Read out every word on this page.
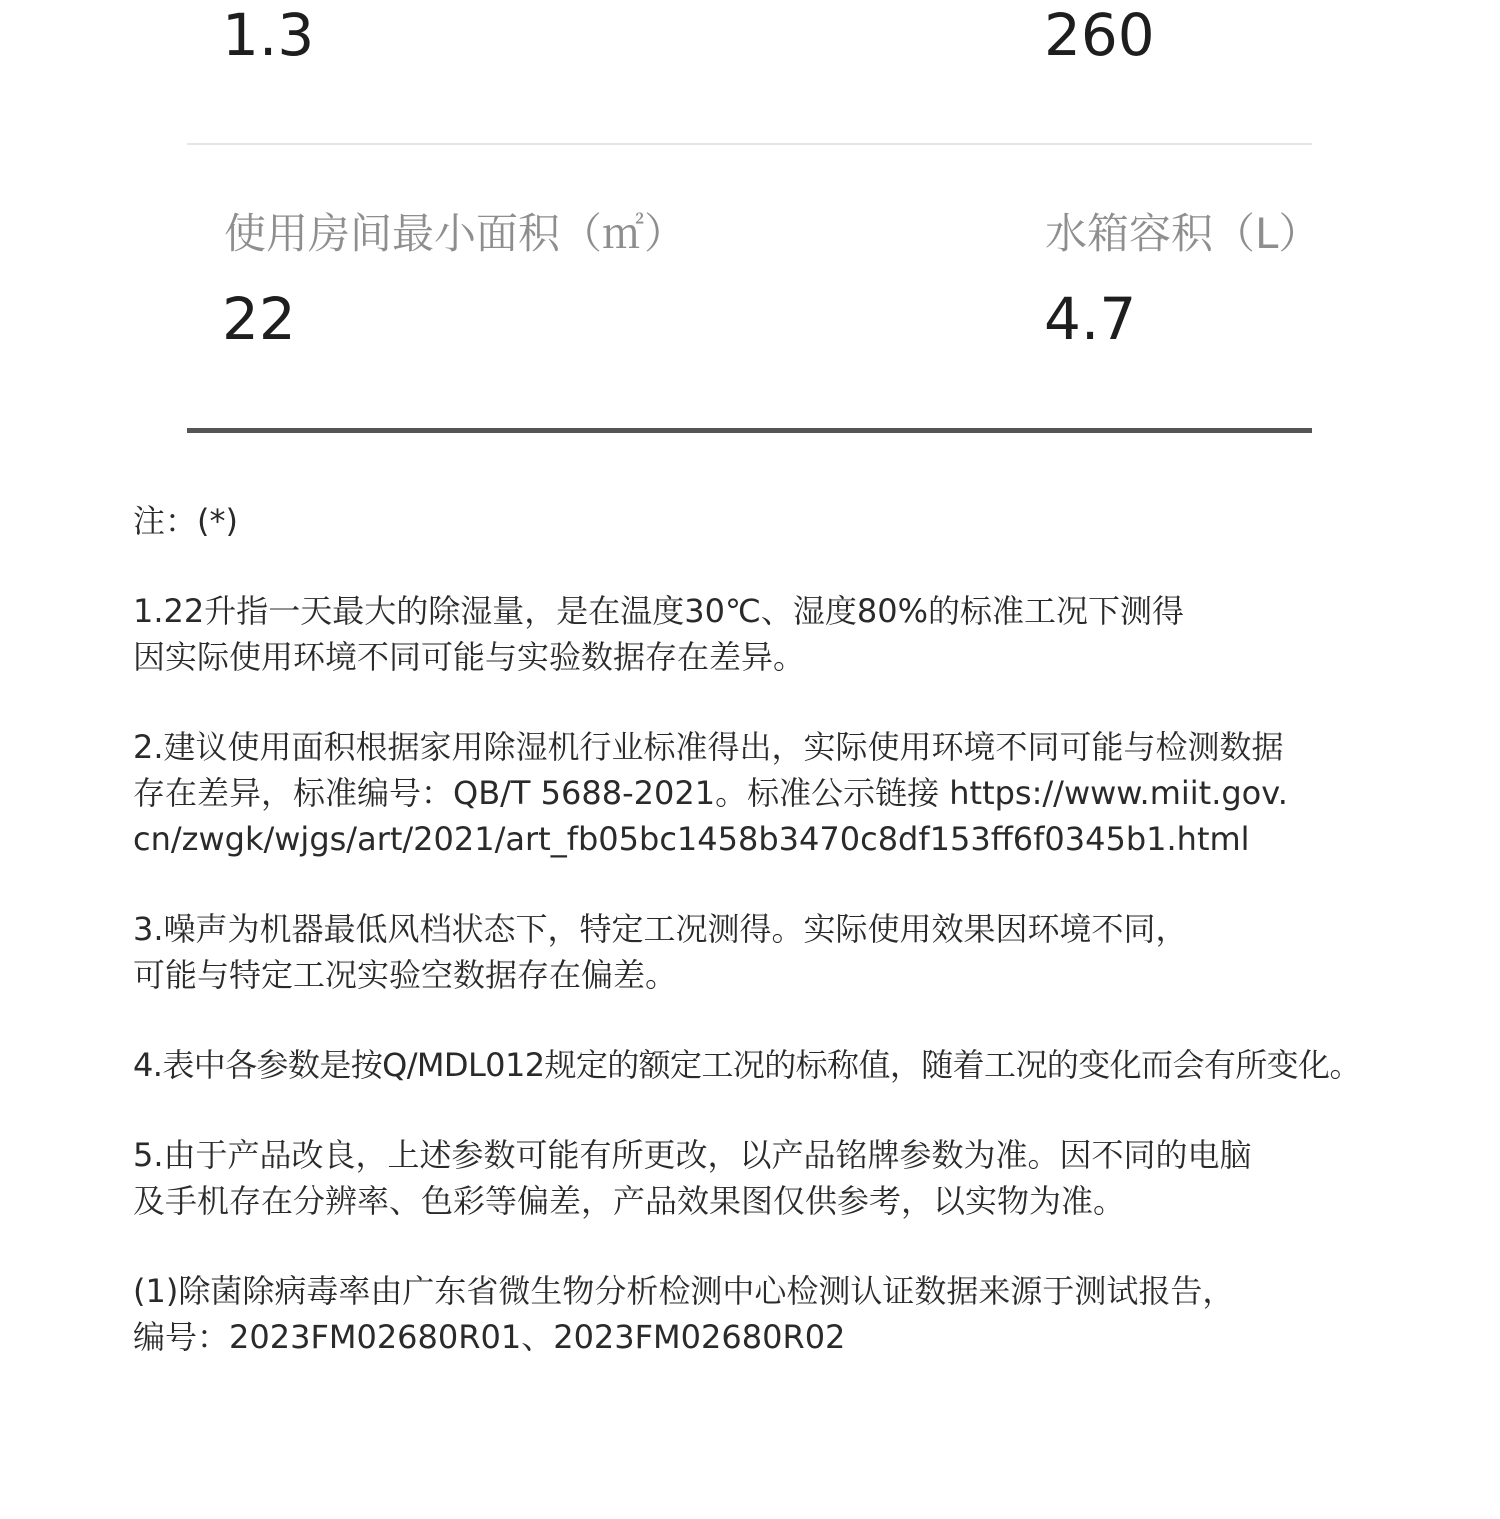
1.3	260
使用房间最小面积（㎡）	水箱容积（L）
22	4.7

注：(*)

1.22升指一天最大的除湿量，是在温度30℃、湿度80%的标准工况下测得
因实际使用环境不同可能与实验数据存在差异。

2.建议使用面积根据家用除湿机行业标准得出，实际使用环境不同可能与检测数据
存在差异，标准编号：QB/T 5688-2021。标准公示链接 https://www.miit.gov.
cn/zwgk/wjgs/art/2021/art_fb05bc1458b3470c8df153ff6f0345b1.html

3.噪声为机器最低风档状态下，特定工况测得。实际使用效果因环境不同，
可能与特定工况实验空数据存在偏差。

4.表中各参数是按Q/MDL012规定的额定工况的标称值，随着工况的变化而会有所变化。

5.由于产品改良，上述参数可能有所更改，以产品铭牌参数为准。因不同的电脑
及手机存在分辨率、色彩等偏差，产品效果图仅供参考，以实物为准。

(1)除菌除病毒率由广东省微生物分析检测中心检测认证数据来源于测试报告，
编号：2023FM02680R01、2023FM02680R02
